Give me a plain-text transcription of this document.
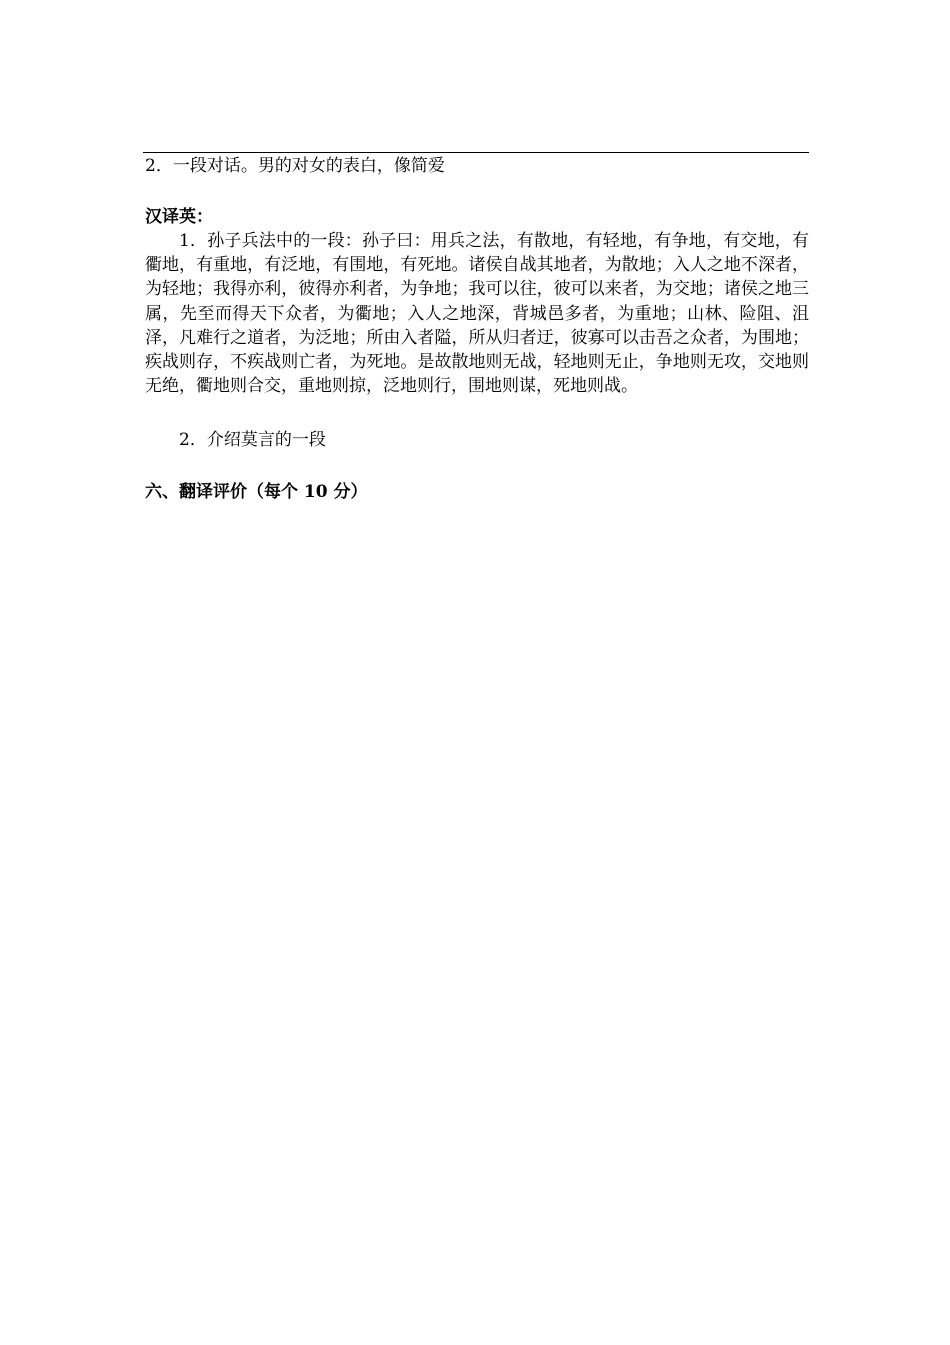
2．一段对话。男的对女的表白，像简爱
汉译英：
1．孙子兵法中的一段：孙子曰：用兵之法，有散地，有轻地，有争地，有交地，有衢地，有重地，有泛地，有围地，有死地。诸侯自战其地者，为散地；入人之地不深者，为轻地；我得亦利，彼得亦利者，为争地；我可以往，彼可以来者，为交地；诸侯之地三属，先至而得天下众者，为衢地；入人之地深，背城邑多者，为重地；山林、险阻、沮泽，凡难行之道者，为泛地；所由入者隘，所从归者迂，彼寡可以击吾之众者，为围地；疾战则存，不疾战则亡者，为死地。是故散地则无战，轻地则无止，争地则无攻，交地则无绝，衢地则合交，重地则掠，泛地则行，围地则谋，死地则战。
2．介绍莫言的一段
六、翻译评价（每个 10 分）
